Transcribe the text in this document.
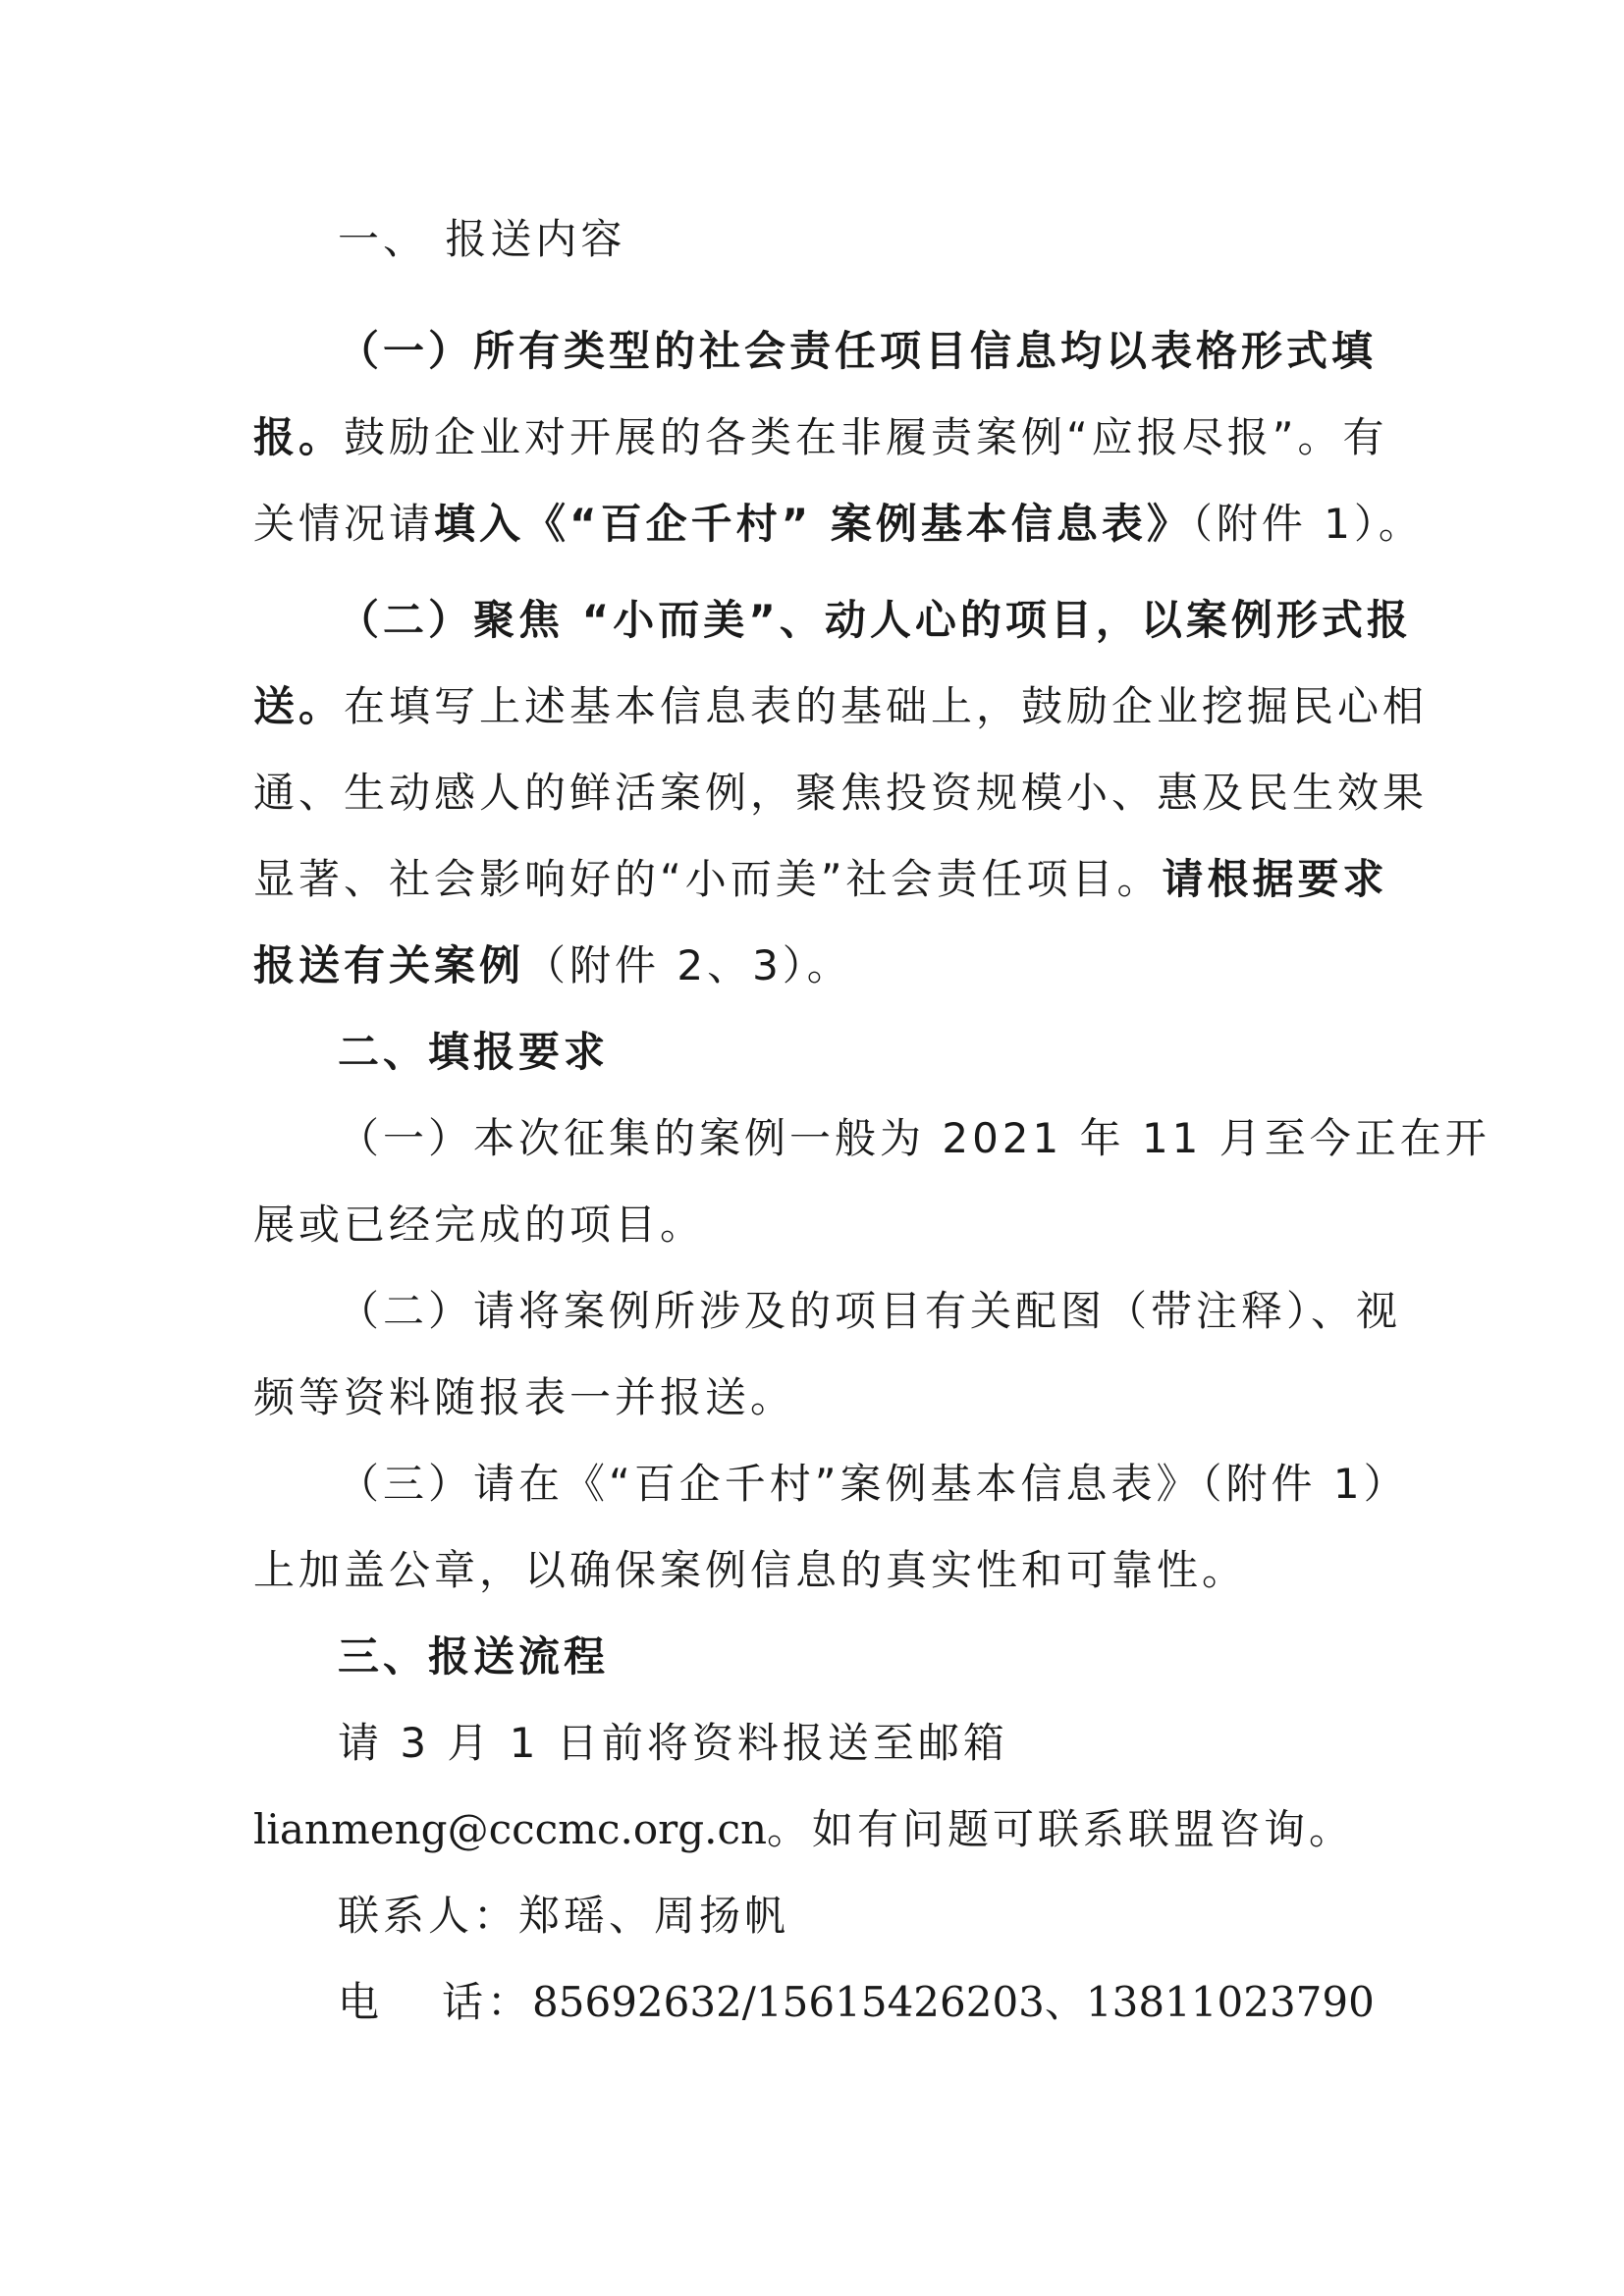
一、 报送内容
（一）所有类型的社会责任项目信息均以表格形式填
报。鼓励企业对开展的各类在非履责案例“应报尽报”。有
关情况请填入《“百企千村” 案例基本信息表》（附件 1）。
（二）聚焦 “小而美”、动人心的项目，以案例形式报
送。在填写上述基本信息表的基础上，鼓励企业挖掘民心相
通、生动感人的鲜活案例，聚焦投资规模小、惠及民生效果
显著、社会影响好的“小而美”社会责任项目。请根据要求
报送有关案例（附件 2、3）。
二、填报要求
（一）本次征集的案例一般为 2021 年 11 月至今正在开
展或已经完成的项目。
（二）请将案例所涉及的项目有关配图（带注释）、视
频等资料随报表一并报送。
（三）请在《“百企千村”案例基本信息表》（附件 1）
上加盖公章，以确保案例信息的真实性和可靠性。
三、报送流程
请 3 月 1 日前将资料报送至邮箱
lianmeng@cccmc.org.cn。如有问题可联系联盟咨询。
联系人：郑瑶、周扬帆
电 话：85692632/15615426203、13811023790
